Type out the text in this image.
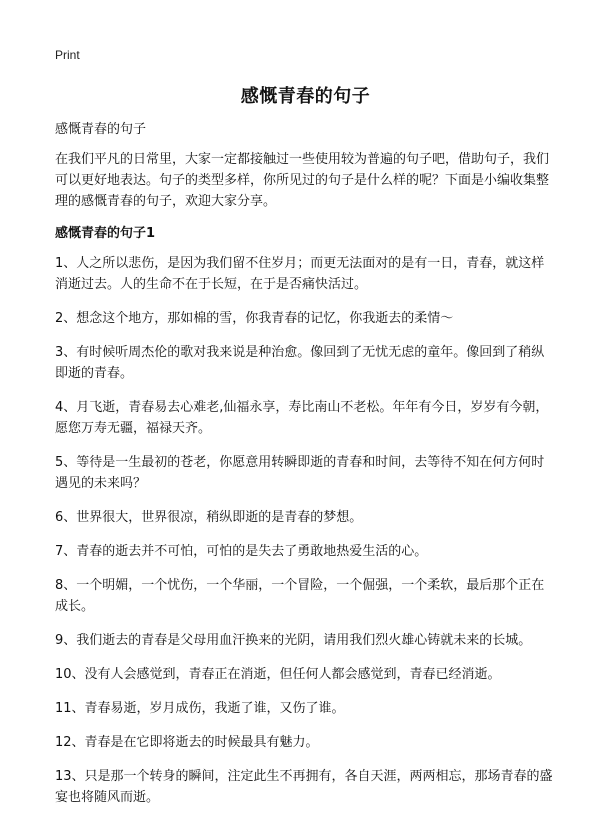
Print
感慨青春的句子
感慨青春的句子

在我们平凡的日常里，大家一定都接触过一些使用较为普遍的句子吧，借助句子，我们可以更好地表达。句子的类型多样，你所见过的句子是什么样的呢？下面是小编收集整理的感慨青春的句子，欢迎大家分享。

感慨青春的句子1
1、人之所以悲伤，是因为我们留不住岁月；而更无法面对的是有一日，青春，就这样消逝过去。人的生命不在于长短，在于是否痛快活过。
2、想念这个地方，那如棉的雪，你我青春的记忆，你我逝去的柔情～
3、有时候听周杰伦的歌对我来说是种治愈。像回到了无忧无虑的童年。像回到了稍纵即逝的青春。
4、月飞逝，青春易去心难老,仙福永享，寿比南山不老松。年年有今日，岁岁有今朝，愿您万寿无疆，福禄天齐。
5、等待是一生最初的苍老，你愿意用转瞬即逝的青春和时间，去等待不知在何方何时遇见的未来吗？
6、世界很大，世界很凉，稍纵即逝的是青春的梦想。
7、青春的逝去并不可怕，可怕的是失去了勇敢地热爱生活的心。
8、一个明媚，一个忧伤，一个华丽，一个冒险，一个倔强，一个柔软，最后那个正在成长。
9、我们逝去的青春是父母用血汗换来的光阴，请用我们烈火雄心铸就未来的长城。
10、没有人会感觉到，青春正在消逝，但任何人都会感觉到，青春已经消逝。
11、青春易逝，岁月成伤，我逝了谁，又伤了谁。
12、青春是在它即将逝去的时候最具有魅力。
13、只是那一个转身的瞬间，注定此生不再拥有，各自天涯，两两相忘，那场青春的盛宴也将随风而逝。
